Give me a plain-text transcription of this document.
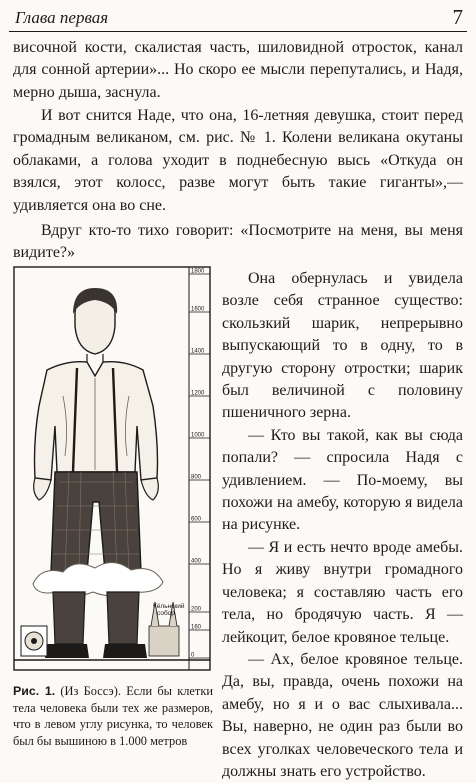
Глава первая	7

височной кости, скалистая часть, шиловидной отросток, канал для сонной артерии»... Но скоро ее мысли перепутались, и Надя, мерно дыша, заснула.

И вот снится Наде, что она, 16-летняя девушка, стоит перед громадным великаном, см. рис. № 1. Колени великана окутаны облаками, а голова уходит в поднебесную высь «Откуда он взялся, этот колосс, разве могут быть такие гиганты»,— удивляется она во сне.

Вдруг кто-то тихо говорит: «Посмотрите на меня, вы меня видите?»

1800
1600
1400
1200
1000
800
600
400
200
160
0
Кёльнский собор

Рис. 1. (Из Боссэ). Если бы клетки тела человека были тех же размеров, что в левом углу рисунка, то человек был бы вышиною в 1.000 метров

Она обернулась и увидела возле себя странное существо: скользкий шарик, непрерывно выпускающий то в одну, то в другую сторону отростки; шарик был величиной с половину пшеничного зерна.

— Кто вы такой, как вы сюда попали? — спросила Надя с удивлением. — По-моему, вы похожи на амебу, которую я видела на рисунке.

— Я и есть нечто вроде амебы. Но я живу внутри громадного человека; я составляю часть его тела, но бродячую часть. Я — лейкоцит, белое кровяное тельце.

— Ах, белое кровяное тельце. Да, вы, правда, очень похожи на амебу, но я и о вас слыхивала... Вы, наверно, не один раз были во всех уголках человеческого тела и должны знать его устройство.
